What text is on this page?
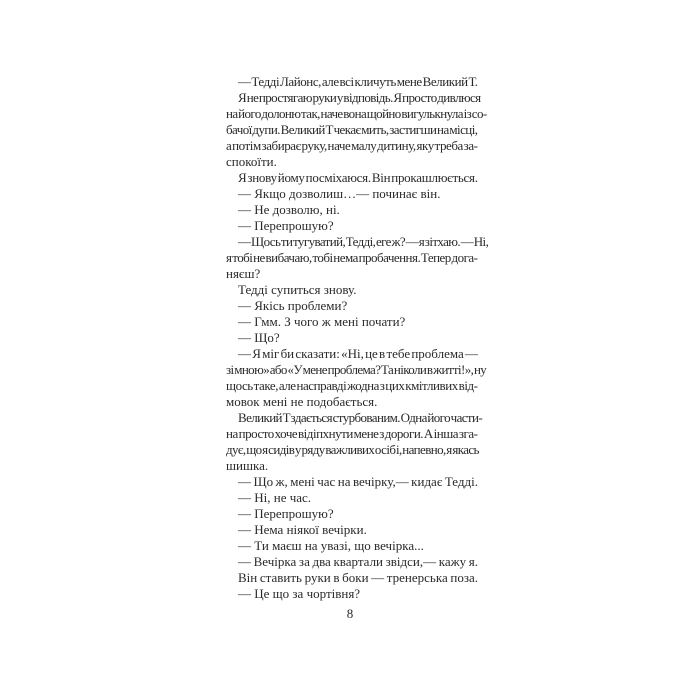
— Тедді Лайонс, але всі кличуть мене Великий Т.
Я не простягаю руки у відповідь. Я просто дивлюся
на його долоню так, наче вона щойно вигулькнула із со-
бачої дупи. Великий Т чекає мить, застигши на місці,
а потім забирає руку, наче малу дитину, яку треба за-
спокоїти.
Я знову йому посміхаюся. Він прокашлюється.
— Якщо дозволиш…— починає він.
— Не дозволю, ні.
— Перепрошую?
— Щось ти тугуватий, Тедді, еге ж? — я зітхаю. — Ні,
я тобі не вибачаю, тобі нема пробачення. Тепер дога-
няєш?
Тедді супиться знову.
— Якісь проблеми?
— Гмм. З чого ж мені почати?
— Що?
— Я міг би сказати: «Ні, це в тебе проблема —
зі мною» або «У мене проблема? Та ніколи в житті!», ну
щось таке, але насправді жодна з цих кмітливих від-
мовок мені не подобається.
Великий Т здається стурбованим. Одна його части-
на просто хоче відіпхнути мене з дороги. А інша зга-
дує, що я сидів у ряду важливих осіб і, напевно, я якась
шишка.
— Що ж, мені час на вечірку,— кидає Тедді.
— Ні, не час.
— Перепрошую?
— Нема ніякої вечірки.
— Ти маєш на увазі, що вечірка...
— Вечірка за два квартали звідси,— кажу я.
Він ставить руки в боки — тренерська поза.
— Це що за чортівня?
8
